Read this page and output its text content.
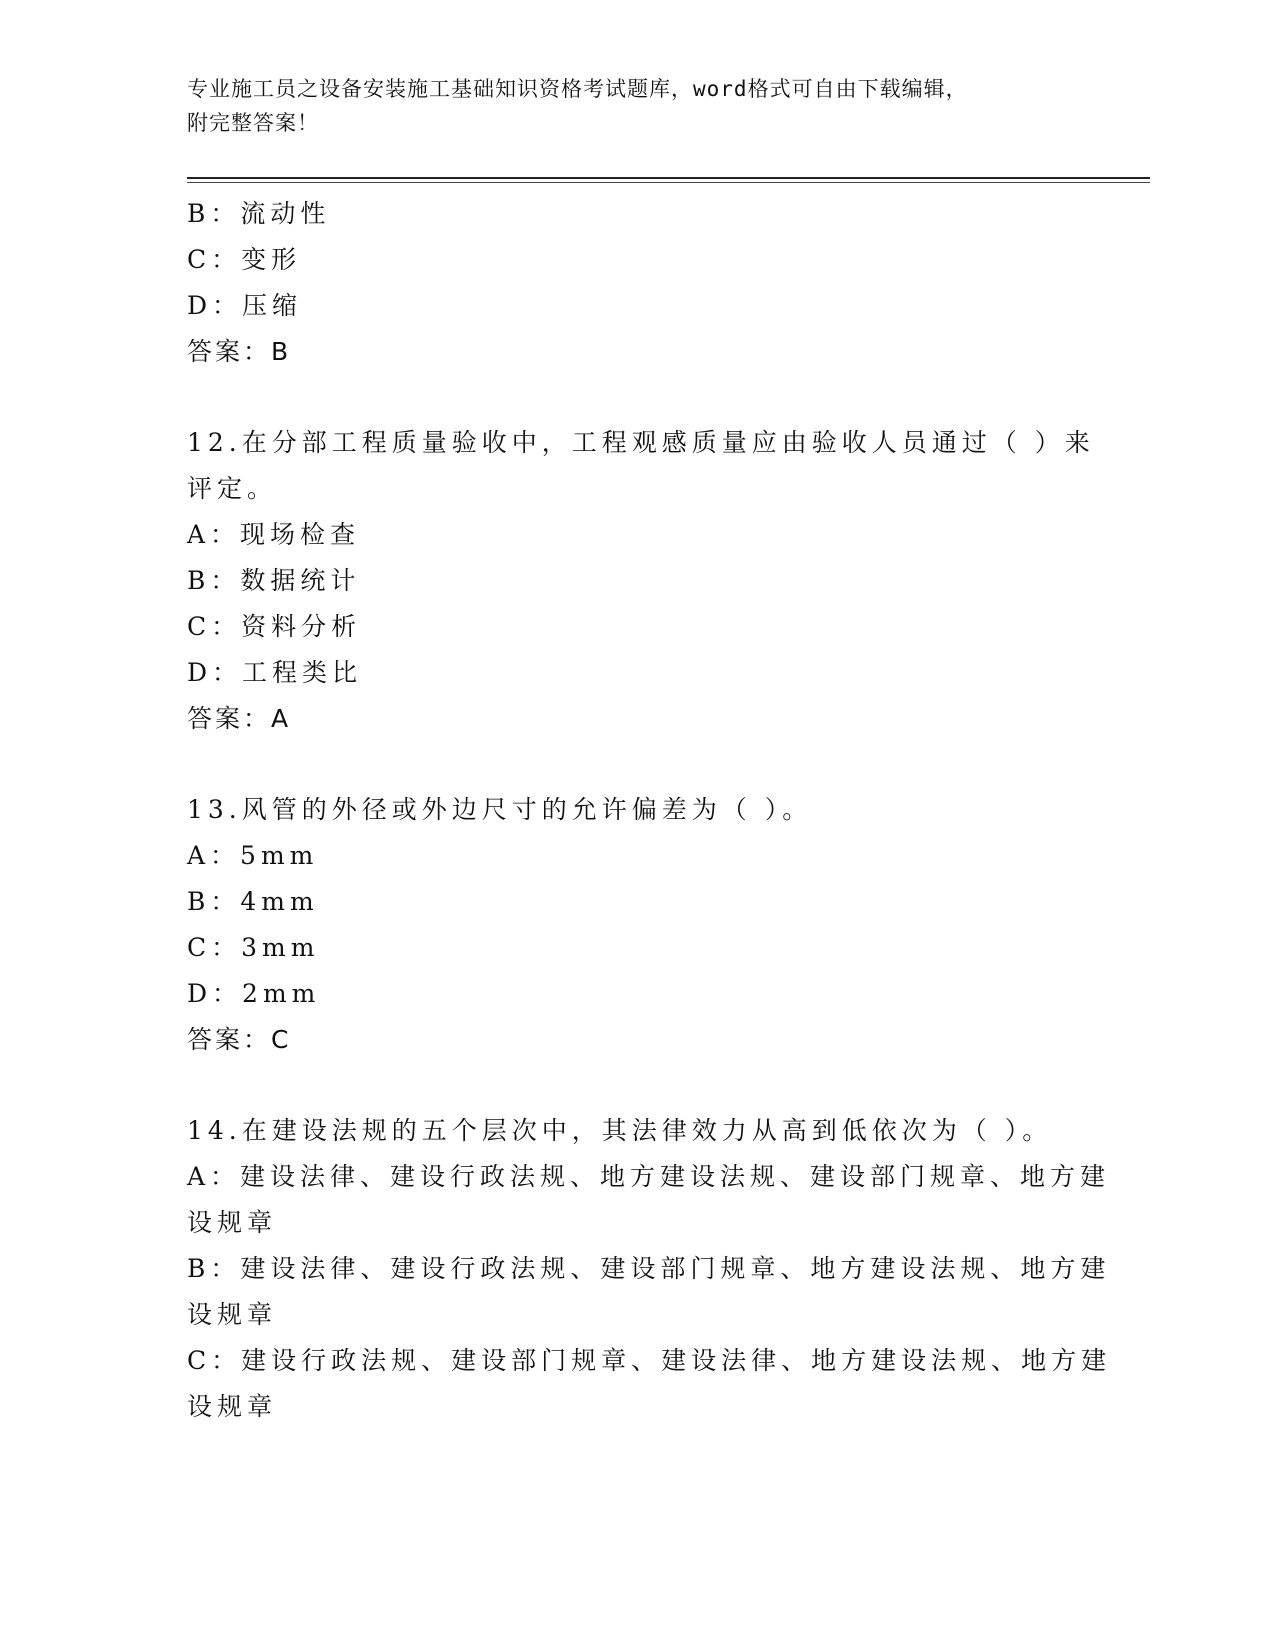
专业施工员之设备安装施工基础知识资格考试题库，word格式可自由下载编辑，
附完整答案！
B：流动性
C：变形
D：压缩
答案：B
12.在分部工程质量验收中，工程观感质量应由验收人员通过（ ）来
评定。
A：现场检查
B：数据统计
C：资料分析
D：工程类比
答案：A
13.风管的外径或外边尺寸的允许偏差为（ ）。
A：5mm
B：4mm
C：3mm
D：2mm
答案：C
14.在建设法规的五个层次中，其法律效力从高到低依次为（ ）。
A：建设法律、建设行政法规、地方建设法规、建设部门规章、地方建
设规章
B：建设法律、建设行政法规、建设部门规章、地方建设法规、地方建
设规章
C：建设行政法规、建设部门规章、建设法律、地方建设法规、地方建
设规章
